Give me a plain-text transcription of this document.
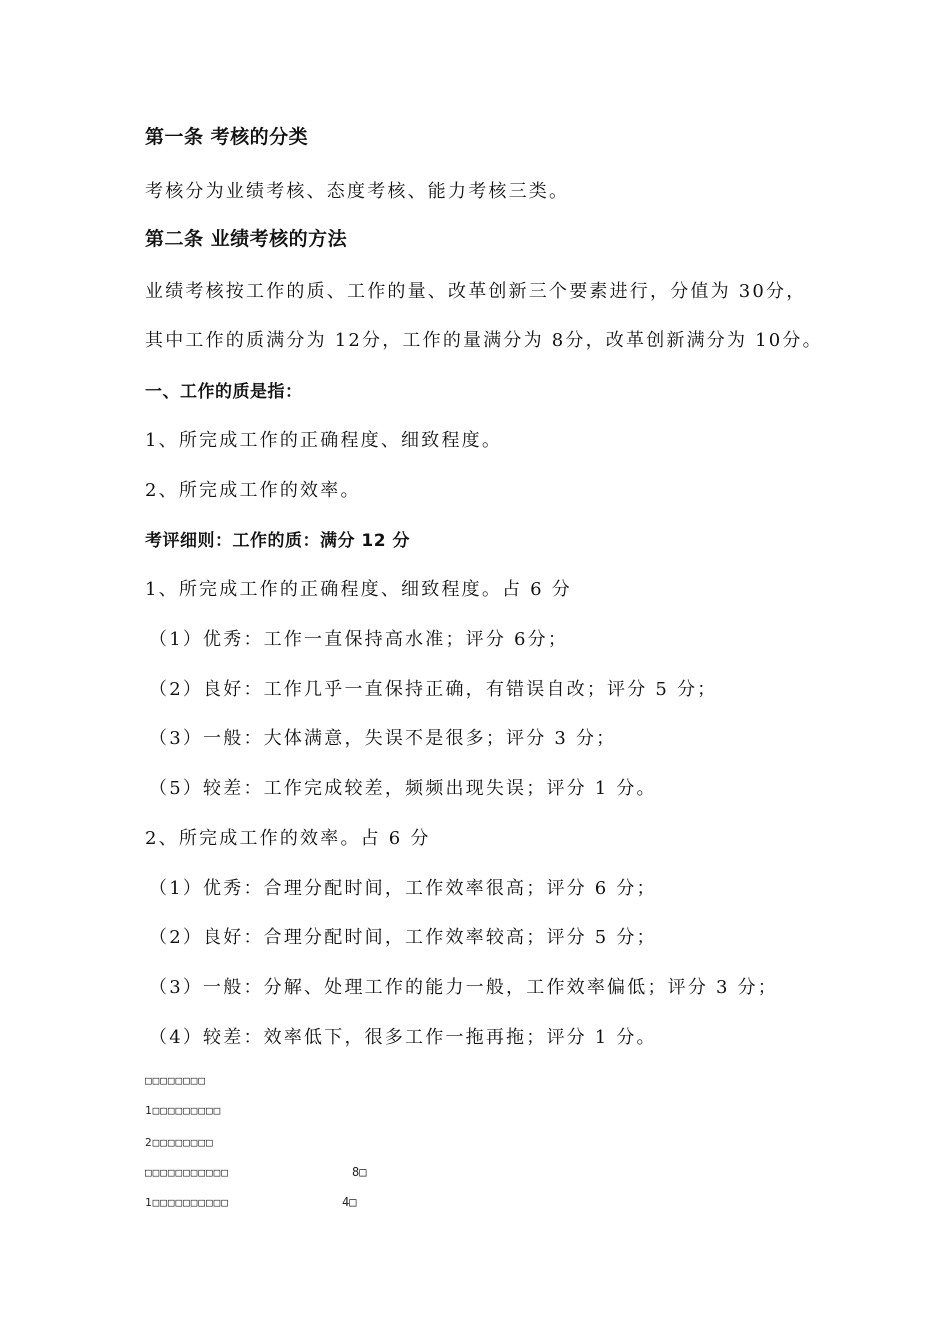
第一条 考核的分类

考核分为业绩考核、态度考核、能力考核三类。

第二条 业绩考核的方法

业绩考核按工作的质、工作的量、改革创新三个要素进行，分值为 30分，

其中工作的质满分为 12分，工作的量满分为 8分，改革创新满分为 10分。

一、工作的质是指：

1、所完成工作的正确程度、细致程度。

2、所完成工作的效率。

考评细则：工作的质：满分 12 分

1、所完成工作的正确程度、细致程度。占 6 分

（1）优秀：工作一直保持高水准；评分 6分；

（2）良好：工作几乎一直保持正确，有错误自改；评分 5 分；

（3）一般：大体满意，失误不是很多；评分 3 分；

（5）较差：工作完成较差，频频出现失误；评分 1 分。

2、所完成工作的效率。占 6 分

（1）优秀：合理分配时间，工作效率很高；评分 6 分；

（2）良好：合理分配时间，工作效率较高；评分 5 分；

（3）一般：分解、处理工作的能力一般，工作效率偏低；评分 3 分；

（4）较差：效率低下，很多工作一拖再拖；评分 1 分。

□□□□□□□□

1□□□□□□□□□

2□□□□□□□□

□□□□□□□□□□□	8□

1□□□□□□□□□□	4□
